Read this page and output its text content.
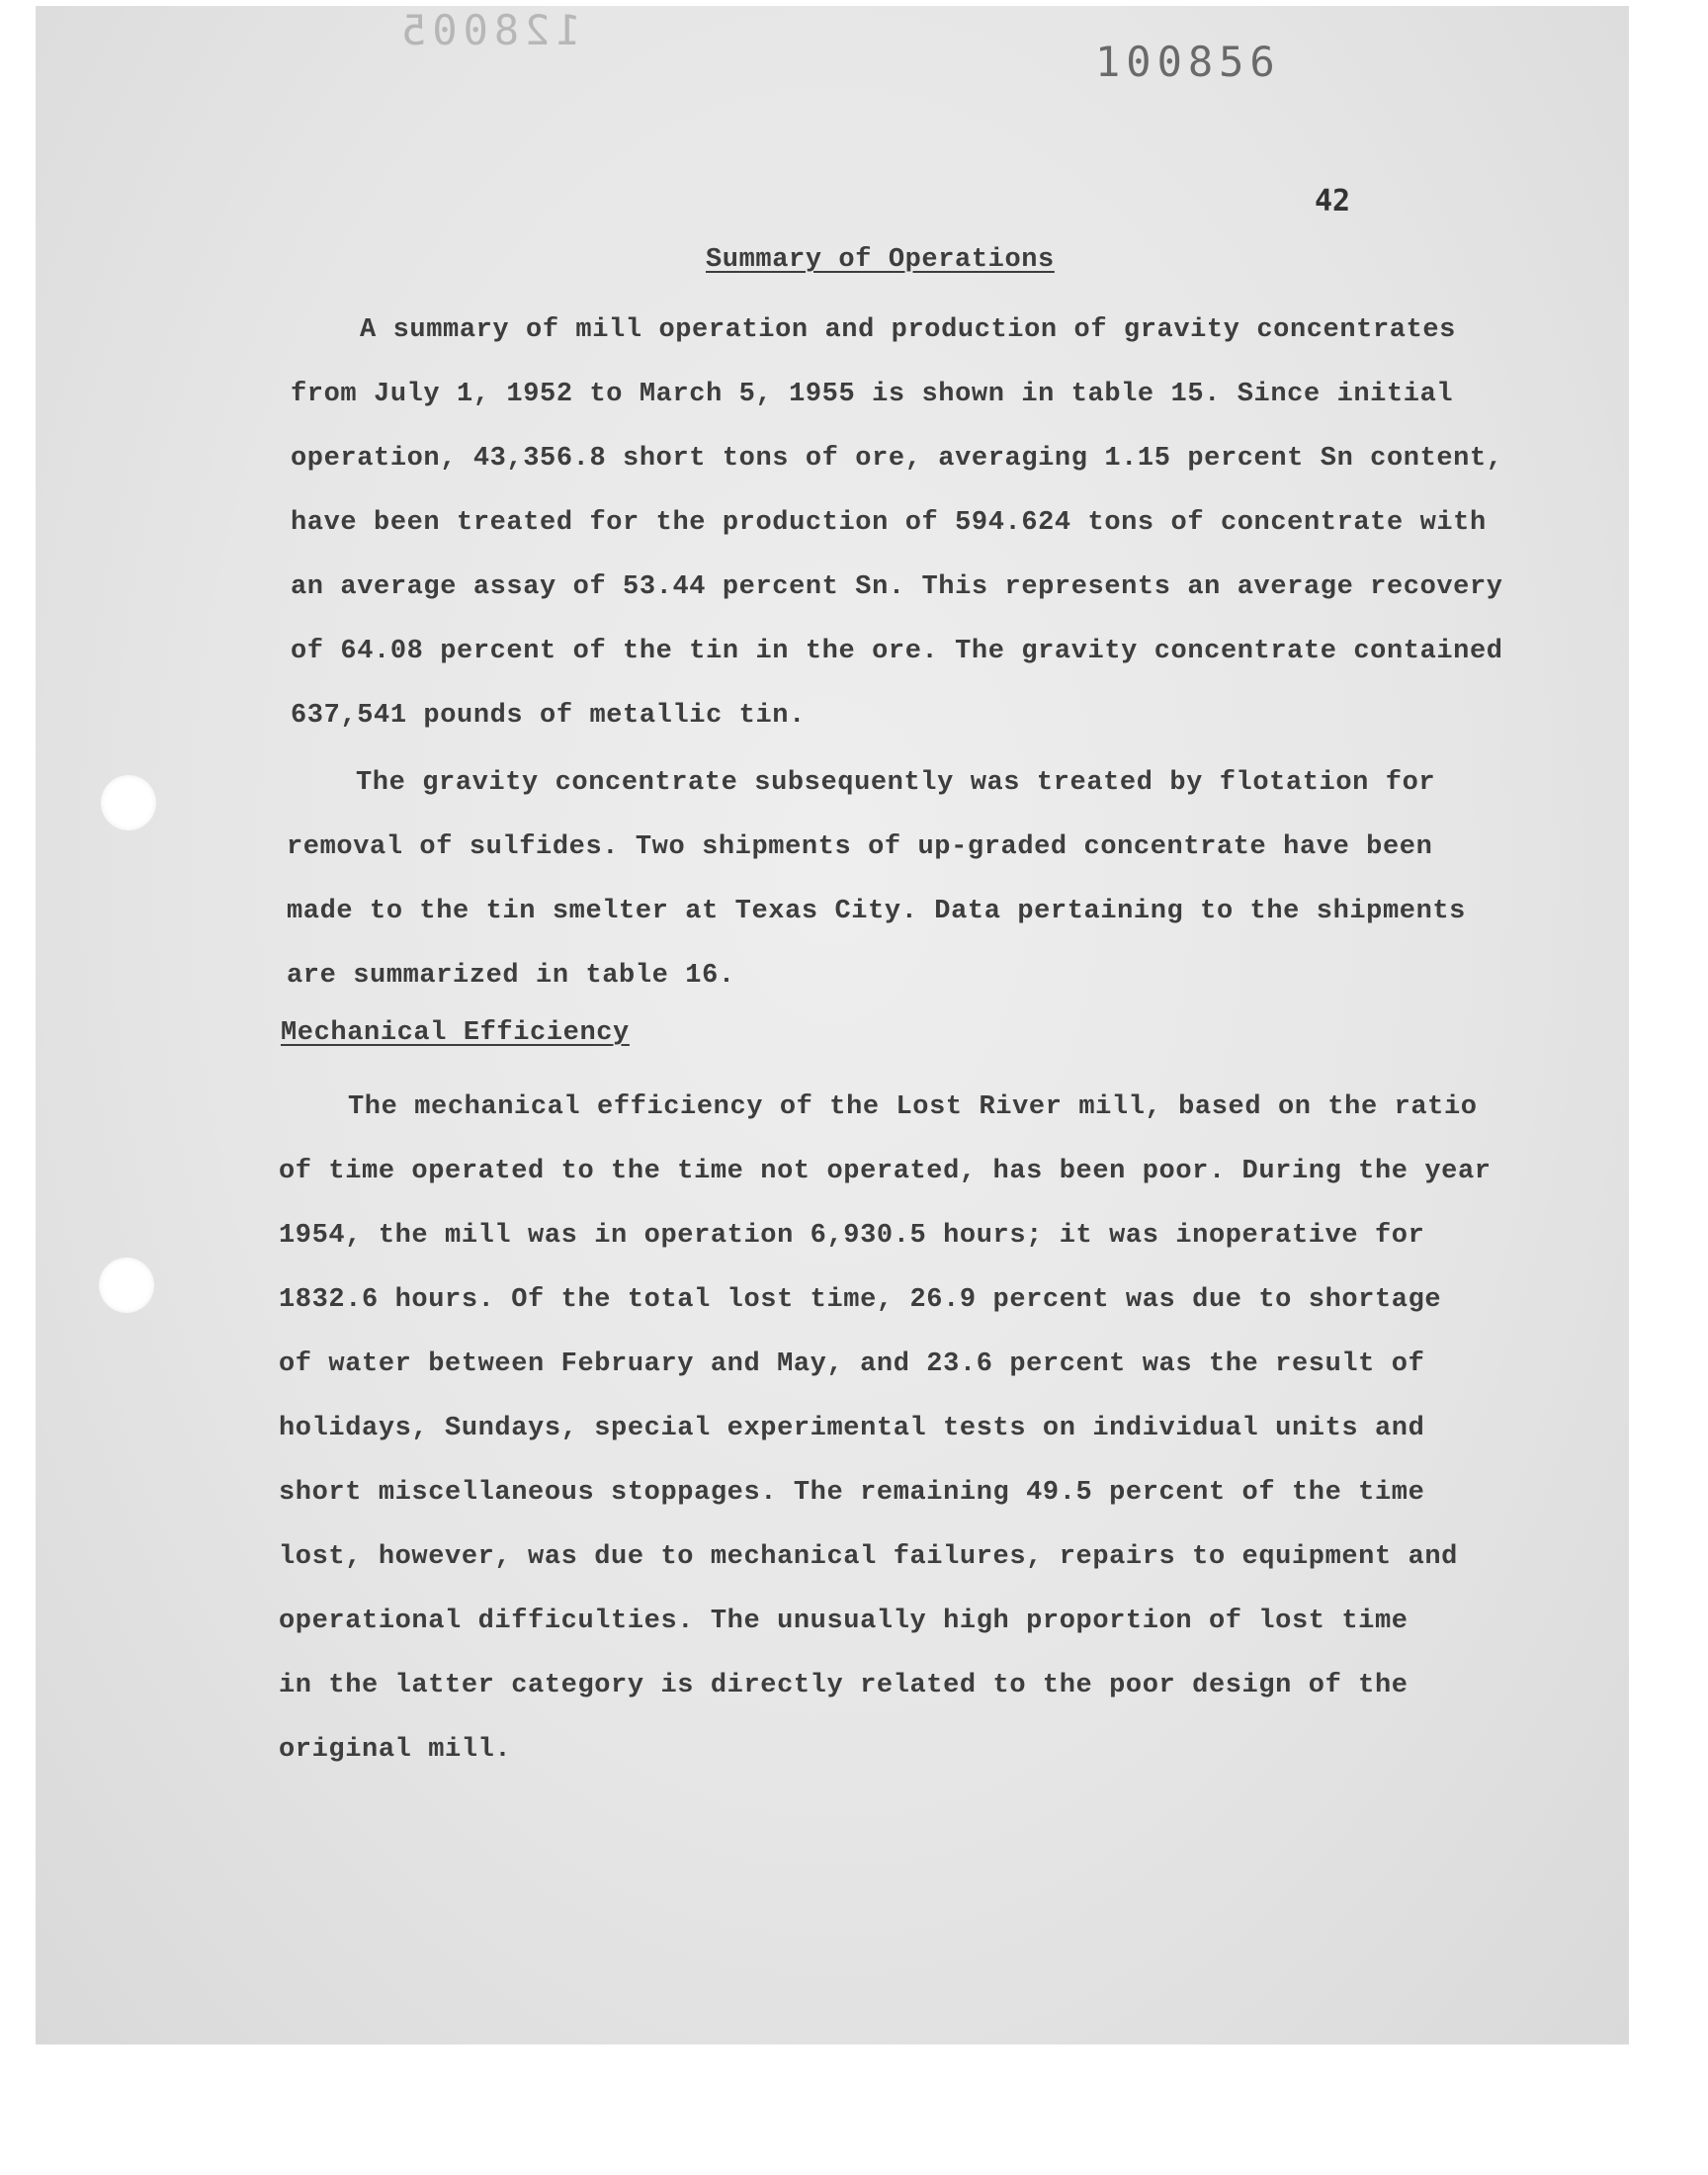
128005
100856
42
Summary of Operations
A summary of mill operation and production of gravity concentrates
from July 1, 1952 to March 5, 1955 is shown in table 15. Since initial
operation, 43,356.8 short tons of ore, averaging 1.15 percent Sn content,
have been treated for the production of 594.624 tons of concentrate with
an average assay of 53.44 percent Sn. This represents an average recovery
of 64.08 percent of the tin in the ore. The gravity concentrate contained
637,541 pounds of metallic tin.
The gravity concentrate subsequently was treated by flotation for
removal of sulfides. Two shipments of up-graded concentrate have been
made to the tin smelter at Texas City. Data pertaining to the shipments
are summarized in table 16.
Mechanical Efficiency
The mechanical efficiency of the Lost River mill, based on the ratio
of time operated to the time not operated, has been poor. During the year
1954, the mill was in operation 6,930.5 hours; it was inoperative for
1832.6 hours. Of the total lost time, 26.9 percent was due to shortage
of water between February and May, and 23.6 percent was the result of
holidays, Sundays, special experimental tests on individual units and
short miscellaneous stoppages. The remaining 49.5 percent of the time
lost, however, was due to mechanical failures, repairs to equipment and
operational difficulties. The unusually high proportion of lost time
in the latter category is directly related to the poor design of the
original mill.
